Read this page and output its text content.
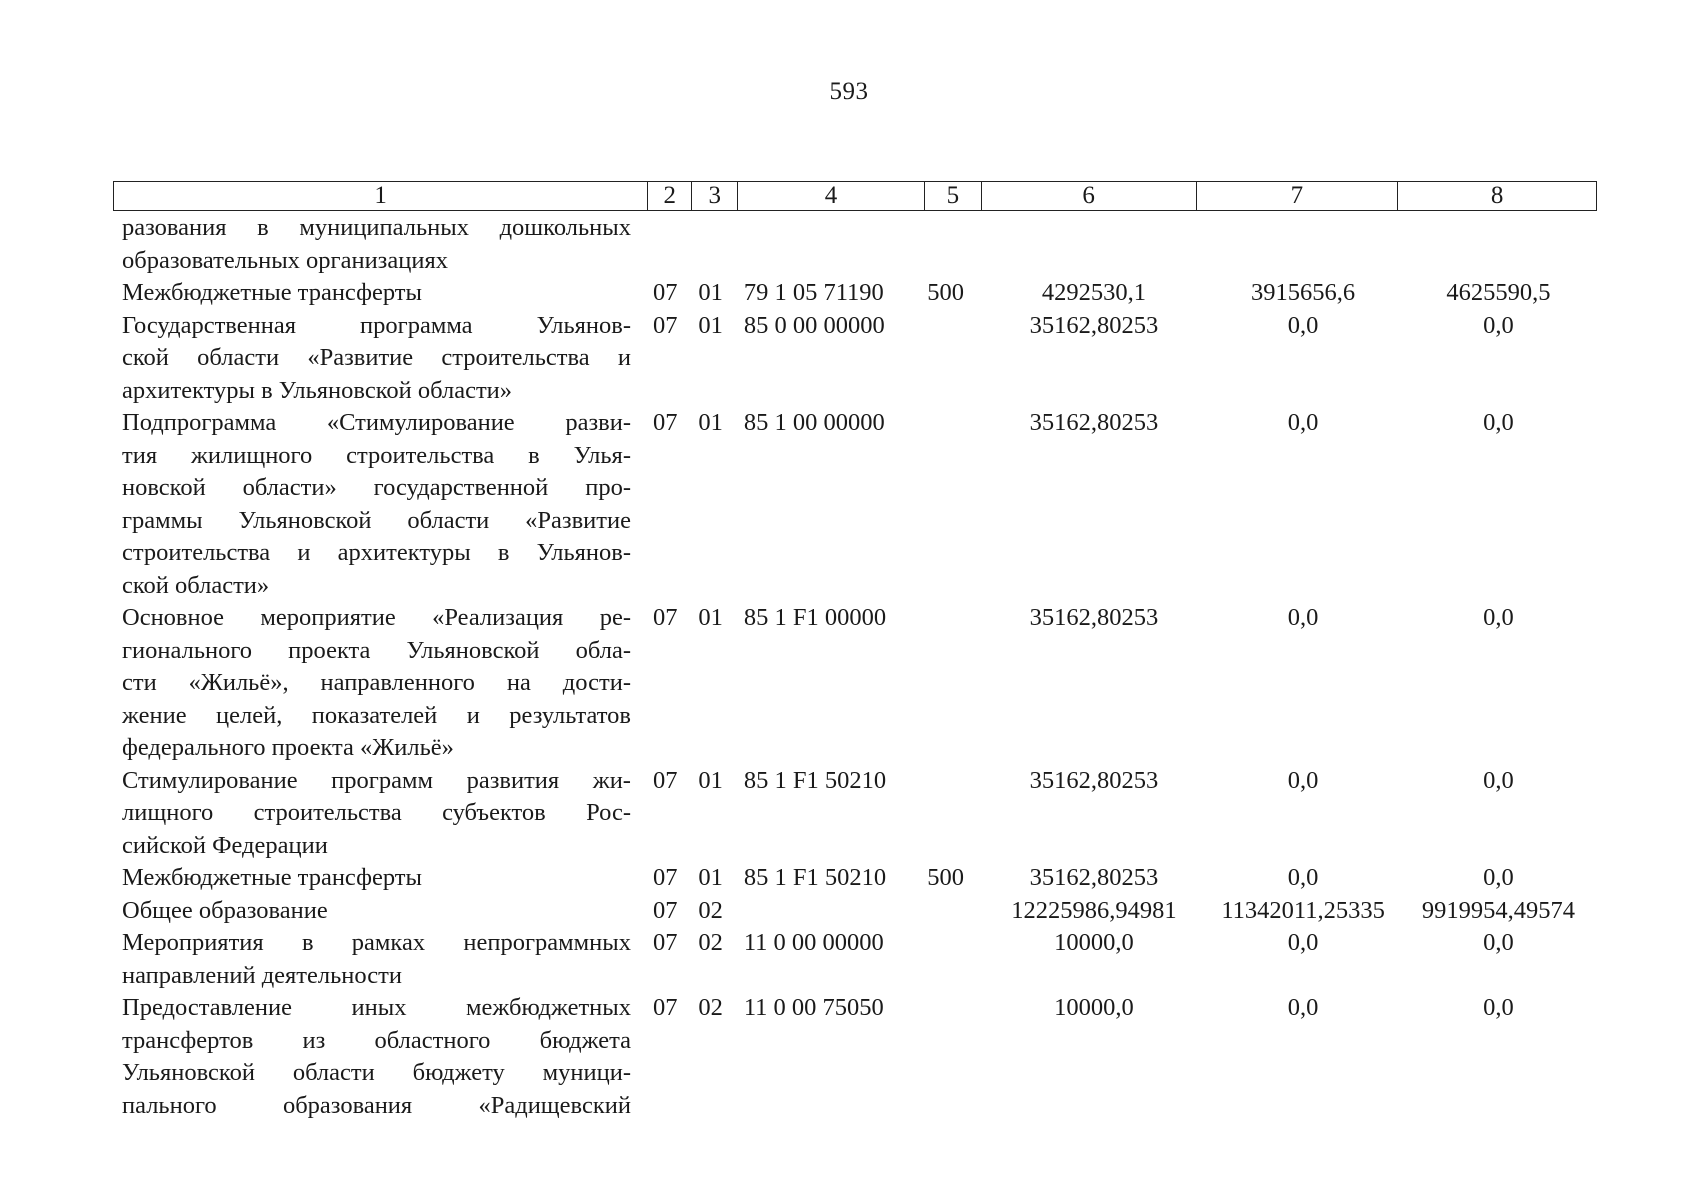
593
1	2	3	4	5	6	7	8
разования в муниципальных дошкольных
образовательных организациях
Межбюджетные трансферты	07 01 79 1 05 71190	500	4292530,1	3915656,6	4625590,5
Государственная программа Ульянов-
ской области «Развитие строительства и
архитектуры в Ульяновской области»
07 01 85 0 00 00000	35162,80253	0,0	0,0
Подпрограмма «Стимулирование разви-
тия жилищного строительства в Улья-
новской области» государственной про-
граммы Ульяновской области «Развитие
строительства и архитектуры в Ульянов-
ской области»
07 01 85 1 00 00000	35162,80253	0,0	0,0
Основное мероприятие «Реализация ре-
гионального проекта Ульяновской обла-
сти «Жильё», направленного на дости-
жение целей, показателей и результатов
федерального проекта «Жильё»
07 01 85 1 F1 00000	35162,80253	0,0	0,0
Стимулирование программ развития жи-
лищного строительства субъектов Рос-
сийской Федерации
07 01 85 1 F1 50210	35162,80253	0,0	0,0
Межбюджетные трансферты	07 01 85 1 F1 50210	500	35162,80253	0,0	0,0
Общее образование	07 02	12225986,94981	11342011,25335	9919954,49574
Мероприятия в рамках непрограммных
направлений деятельности
07 02 11 0 00 00000	10000,0	0,0	0,0
Предоставление иных межбюджетных
трансфертов из областного бюджета
Ульяновской области бюджету муници-
пального образования «Радищевский
07 02 11 0 00 75050	10000,0	0,0	0,0
